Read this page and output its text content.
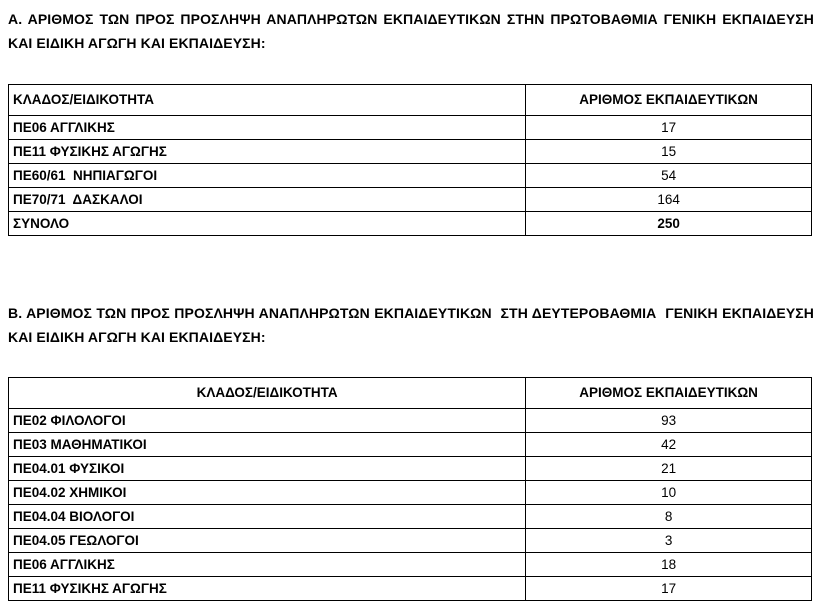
Α. ΑΡΙΘΜΟΣ ΤΩΝ ΠΡΟΣ ΠΡΟΣΛΗΨΗ ΑΝΑΠΛΗΡΩΤΩΝ ΕΚΠΑΙΔΕΥΤΙΚΩΝ ΣΤΗΝ ΠΡΩΤΟΒΑΘΜΙΑ ΓΕΝΙΚΗ ΕΚΠΑΙΔΕΥΣΗ ΚΑΙ ΕΙΔΙΚΗ ΑΓΩΓΗ ΚΑΙ ΕΚΠΑΙΔΕΥΣΗ:
ΚΛΑΔΟΣ/ΕΙΔΙΚΟΤΗΤΑ	ΑΡΙΘΜΟΣ ΕΚΠΑΙΔΕΥΤΙΚΩΝ
ΠΕ06 ΑΓΓΛΙΚΗΣ	17
ΠΕ11 ΦΥΣΙΚΗΣ ΑΓΩΓΗΣ	15
ΠΕ60/61  ΝΗΠΙΑΓΩΓΟΙ	54
ΠΕ70/71  ΔΑΣΚΑΛΟΙ	164
ΣΥΝΟΛΟ	250
Β. ΑΡΙΘΜΟΣ ΤΩΝ ΠΡΟΣ ΠΡΟΣΛΗΨΗ ΑΝΑΠΛΗΡΩΤΩΝ ΕΚΠΑΙΔΕΥΤΙΚΩΝ  ΣΤΗ ΔΕΥΤΕΡΟΒΑΘΜΙΑ  ΓΕΝΙΚΗ ΕΚΠΑΙΔΕΥΣΗ ΚΑΙ ΕΙΔΙΚΗ ΑΓΩΓΗ ΚΑΙ ΕΚΠΑΙΔΕΥΣΗ:
ΚΛΑΔΟΣ/ΕΙΔΙΚΟΤΗΤΑ	ΑΡΙΘΜΟΣ ΕΚΠΑΙΔΕΥΤΙΚΩΝ
ΠΕ02 ΦΙΛΟΛΟΓΟΙ	93
ΠΕ03 ΜΑΘΗΜΑΤΙΚΟΙ	42
ΠΕ04.01 ΦΥΣΙΚΟΙ	21
ΠΕ04.02 ΧΗΜΙΚΟΙ	10
ΠΕ04.04 ΒΙΟΛΟΓΟΙ	8
ΠΕ04.05 ΓΕΩΛΟΓΟΙ	3
ΠΕ06 ΑΓΓΛΙΚΗΣ	18
ΠΕ11 ΦΥΣΙΚΗΣ ΑΓΩΓΗΣ	17
